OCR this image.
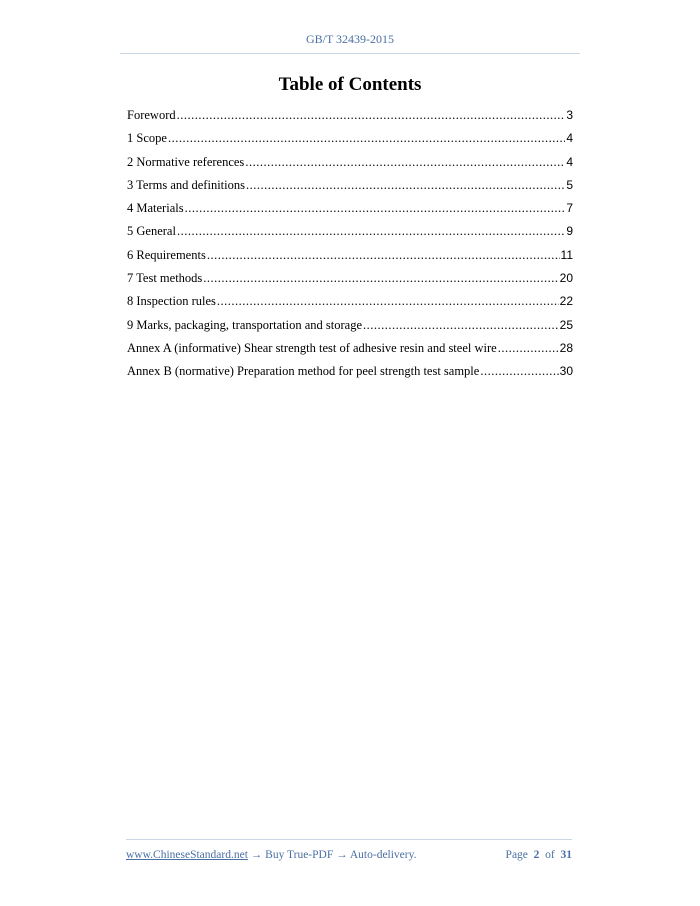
GB/T 32439-2015
Table of Contents
Foreword .....	3
1 Scope .....	4
2 Normative references .....	4
3 Terms and definitions .....	5
4 Materials .....	7
5 General .....	9
6 Requirements .....	11
7 Test methods .....	20
8 Inspection rules .....	22
9 Marks, packaging, transportation and storage .....	25
Annex A (informative) Shear strength test of adhesive resin and steel wire .....	28
Annex B (normative) Preparation method for peel strength test sample .....	30
www.ChineseStandard.net → Buy True-PDF → Auto-delivery.	Page 2 of 31
